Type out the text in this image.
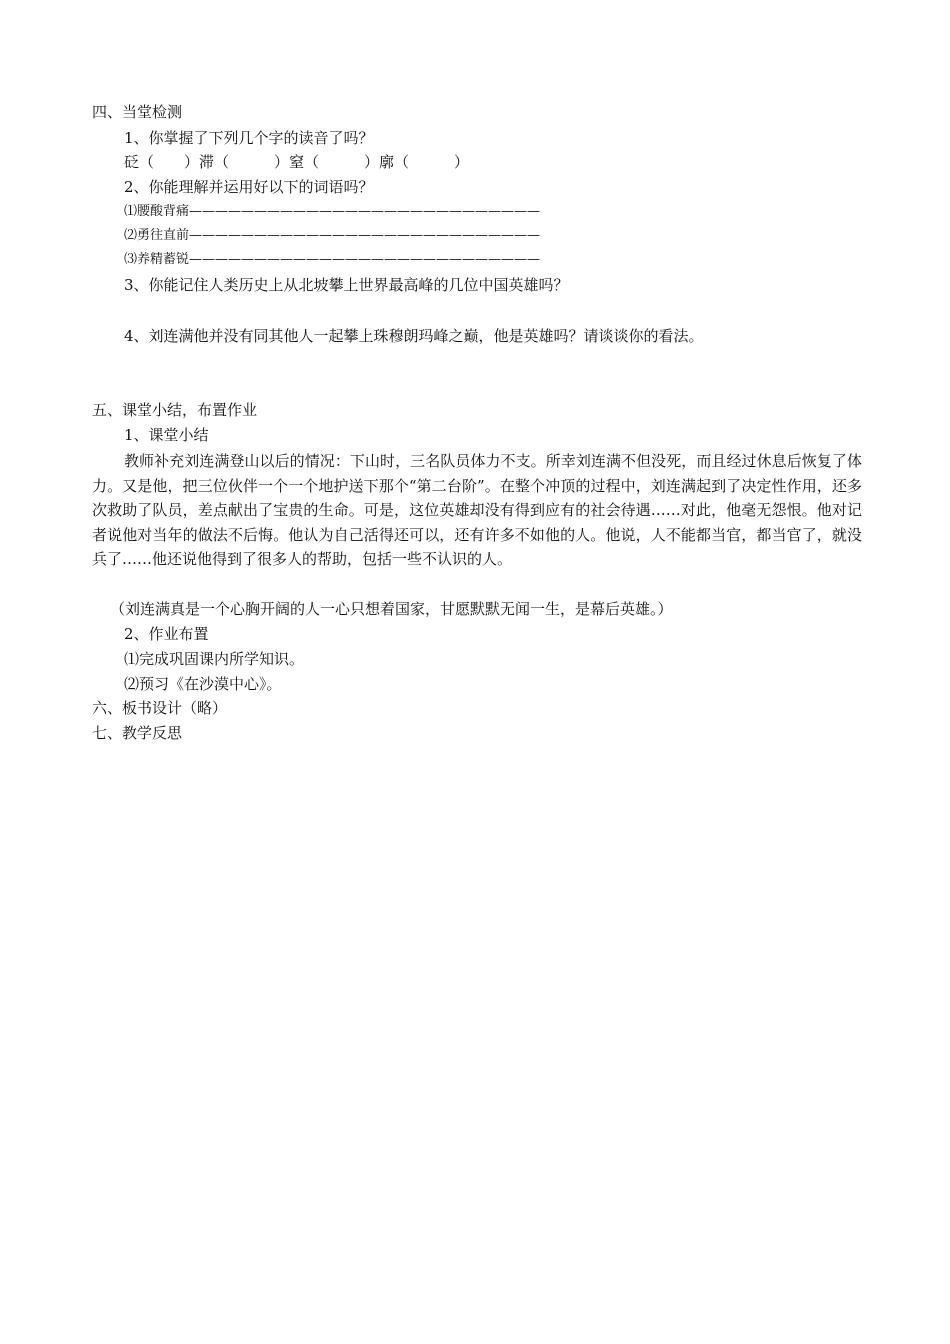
四、当堂检测
1、你掌握了下列几个字的读音了吗？
砭（　　）滞（　　　）窒（　　　）廓（　　　）
2、你能理解并运用好以下的词语吗？
⑴腰酸背痛———————————————————————————
⑵勇往直前———————————————————————————
⑶养精蓄锐———————————————————————————
3、你能记住人类历史上从北坡攀上世界最高峰的几位中国英雄吗？
4、刘连满他并没有同其他人一起攀上珠穆朗玛峰之巅，他是英雄吗？请谈谈你的看法。
五、课堂小结，布置作业
1、课堂小结
教师补充刘连满登山以后的情况：下山时，三名队员体力不支。所幸刘连满不但没死，而且经过休息后恢复了体力。又是他，把三位伙伴一个一个地护送下那个“第二台阶”。在整个冲顶的过程中，刘连满起到了决定性作用，还多次救助了队员，差点献出了宝贵的生命。可是，这位英雄却没有得到应有的社会待遇……对此，他毫无怨恨。他对记者说他对当年的做法不后悔。他认为自己活得还可以，还有许多不如他的人。他说，人不能都当官，都当官了，就没兵了……他还说他得到了很多人的帮助，包括一些不认识的人。
（刘连满真是一个心胸开阔的人一心只想着国家，甘愿默默无闻一生，是幕后英雄。）
2、作业布置
⑴完成巩固课内所学知识。
⑵预习《在沙漠中心》。
六、板书设计（略）
七、教学反思
